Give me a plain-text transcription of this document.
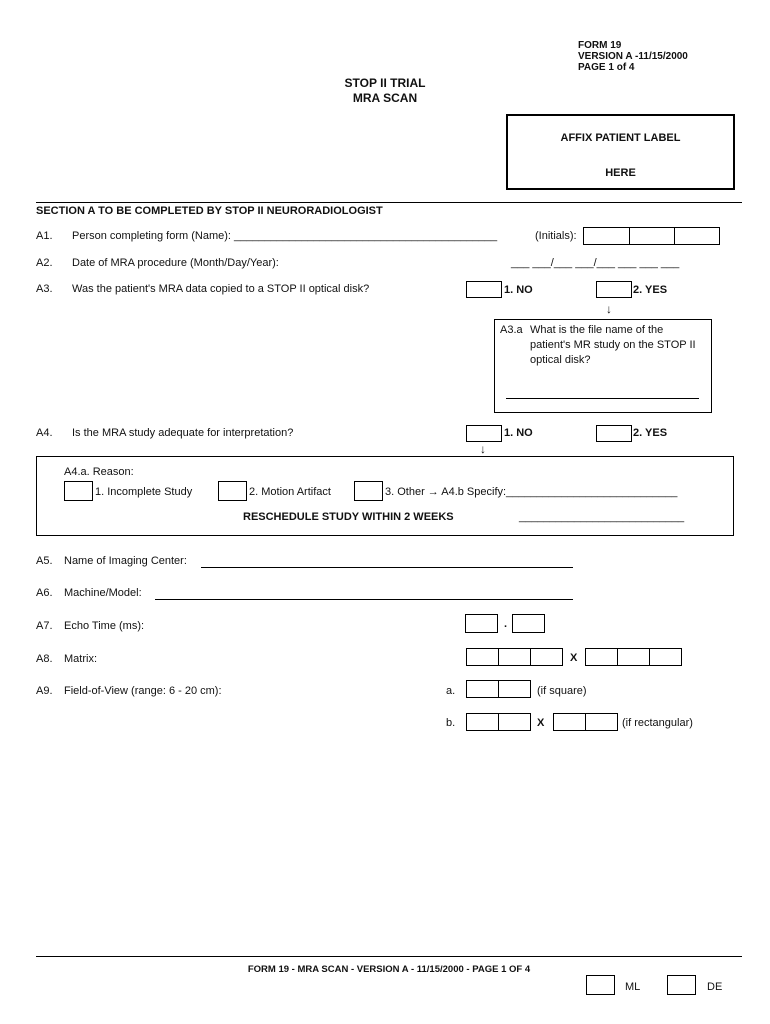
FORM 19
VERSION A -11/15/2000
PAGE 1 of 4
STOP II TRIAL
MRA SCAN
AFFIX PATIENT LABEL
HERE
SECTION A TO BE COMPLETED BY STOP II NEURORADIOLOGIST
A1. Person completing form (Name): ___________________________________________	(Initials):
A2. Date of MRA procedure (Month/Day/Year):	___ ___/___ ___/___ ___ ___ ___
A3. Was the patient's MRA data copied to a STOP II optical disk?	1. NO	2. YES
↓
A3.a What is the file name of the
patient's MR study on the STOP II
optical disk?
A4. Is the MRA study adequate for interpretation?	1. NO	2. YES
↓
A4.a. Reason:
1. Incomplete Study	2. Motion Artifact	3. Other → A4.b Specify:____________________________
RESCHEDULE STUDY WITHIN 2 WEEKS	___________________________
A5. Name of Imaging Center:
A6. Machine/Model:
A7. Echo Time (ms):	.
A8. Matrix:	X
A9. Field-of-View (range: 6 - 20 cm):	a.	(if square)
b.	X	(if rectangular)
FORM 19 - MRA SCAN - VERSION A - 11/15/2000 - PAGE 1 OF 4
ML	DE
